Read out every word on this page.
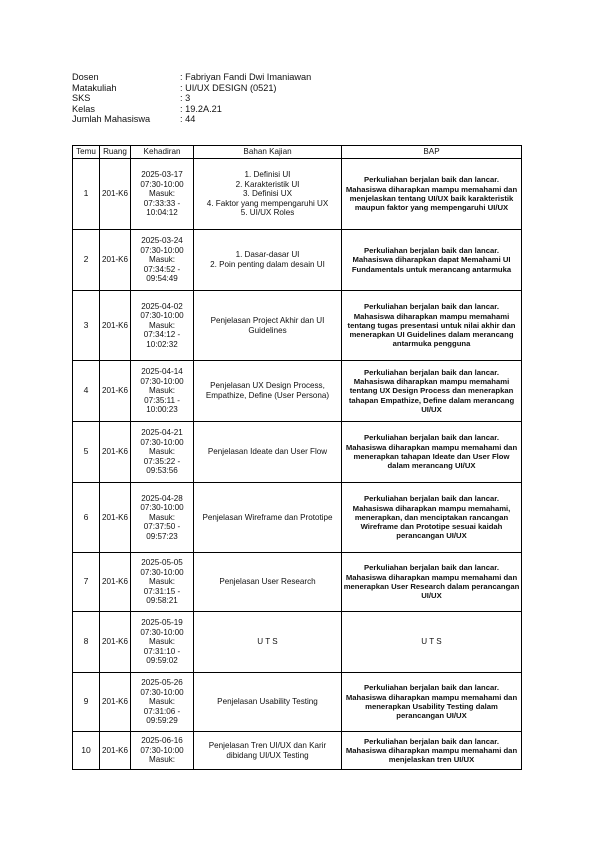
Dosen	: Fabriyan Fandi Dwi Imaniawan
Matakuliah	: UI/UX DESIGN (0521)
SKS	: 3
Kelas	: 19.2A.21
Jumlah Mahasiswa	: 44
Temu	Ruang	Kehadiran	Bahan Kajian	BAP
1	201-K6	2025-03-17
07:30-10:00
Masuk:
07:33:33 -
10:04:12	1. Definisi UI
2. Karakteristik UI
3. Definisi UX
4. Faktor yang mempengaruhi UX
5. UI/UX Roles	Perkuliahan berjalan baik dan lancar. Mahasiswa diharapkan mampu memahami dan menjelaskan tentang UI/UX baik karakteristik maupun faktor yang mempengaruhi UI/UX
2	201-K6	2025-03-24
07:30-10:00
Masuk:
07:34:52 -
09:54:49	1. Dasar-dasar UI
2. Poin penting dalam desain UI	Perkuliahan berjalan baik dan lancar. Mahasiswa diharapkan dapat Memahami UI Fundamentals untuk merancang antarmuka
3	201-K6	2025-04-02
07:30-10:00
Masuk:
07:34:12 -
10:02:32	Penjelasan Project Akhir dan UI Guidelines	Perkuliahan berjalan baik dan lancar. Mahasiswa diharapkan mampu memahami tentang tugas presentasi untuk nilai akhir dan menerapkan UI Guidelines dalam merancang antarmuka pengguna
4	201-K6	2025-04-14
07:30-10:00
Masuk:
07:35:11 -
10:00:23	Penjelasan UX Design Process, Empathize, Define (User Persona)	Perkuliahan berjalan baik dan lancar. Mahasiswa diharapkan mampu memahami tentang UX Design Process dan menerapkan tahapan Empathize, Define dalam merancang UI/UX
5	201-K6	2025-04-21
07:30-10:00
Masuk:
07:35:22 -
09:53:56	Penjelasan Ideate dan User Flow	Perkuliahan berjalan baik dan lancar. Mahasiswa diharapkan mampu memahami dan menerapkan tahapan Ideate dan User Flow dalam merancang UI/UX
6	201-K6	2025-04-28
07:30-10:00
Masuk:
07:37:50 -
09:57:23	Penjelasan Wireframe dan Prototipe	Perkuliahan berjalan baik dan lancar. Mahasiswa diharapkan mampu memahami, menerapkan, dan menciptakan rancangan Wireframe dan Prototipe sesuai kaidah perancangan UI/UX
7	201-K6	2025-05-05
07:30-10:00
Masuk:
07:31:15 -
09:58:21	Penjelasan User Research	Perkuliahan berjalan baik dan lancar. Mahasiswa diharapkan mampu memahami dan menerapkan User Research dalam perancangan UI/UX
8	201-K6	2025-05-19
07:30-10:00
Masuk:
07:31:10 -
09:59:02	U T S	U T S
9	201-K6	2025-05-26
07:30-10:00
Masuk:
07:31:06 -
09:59:29	Penjelasan Usability Testing	Perkuliahan berjalan baik dan lancar. Mahasiswa diharapkan mampu memahami dan menerapkan Usability Testing dalam perancangan UI/UX
10	201-K6	2025-06-16
07:30-10:00
Masuk:	Penjelasan Tren UI/UX dan Karir dibidang UI/UX Testing	Perkuliahan berjalan baik dan lancar. Mahasiswa diharapkan mampu memahami dan menjelaskan tren UI/UX
